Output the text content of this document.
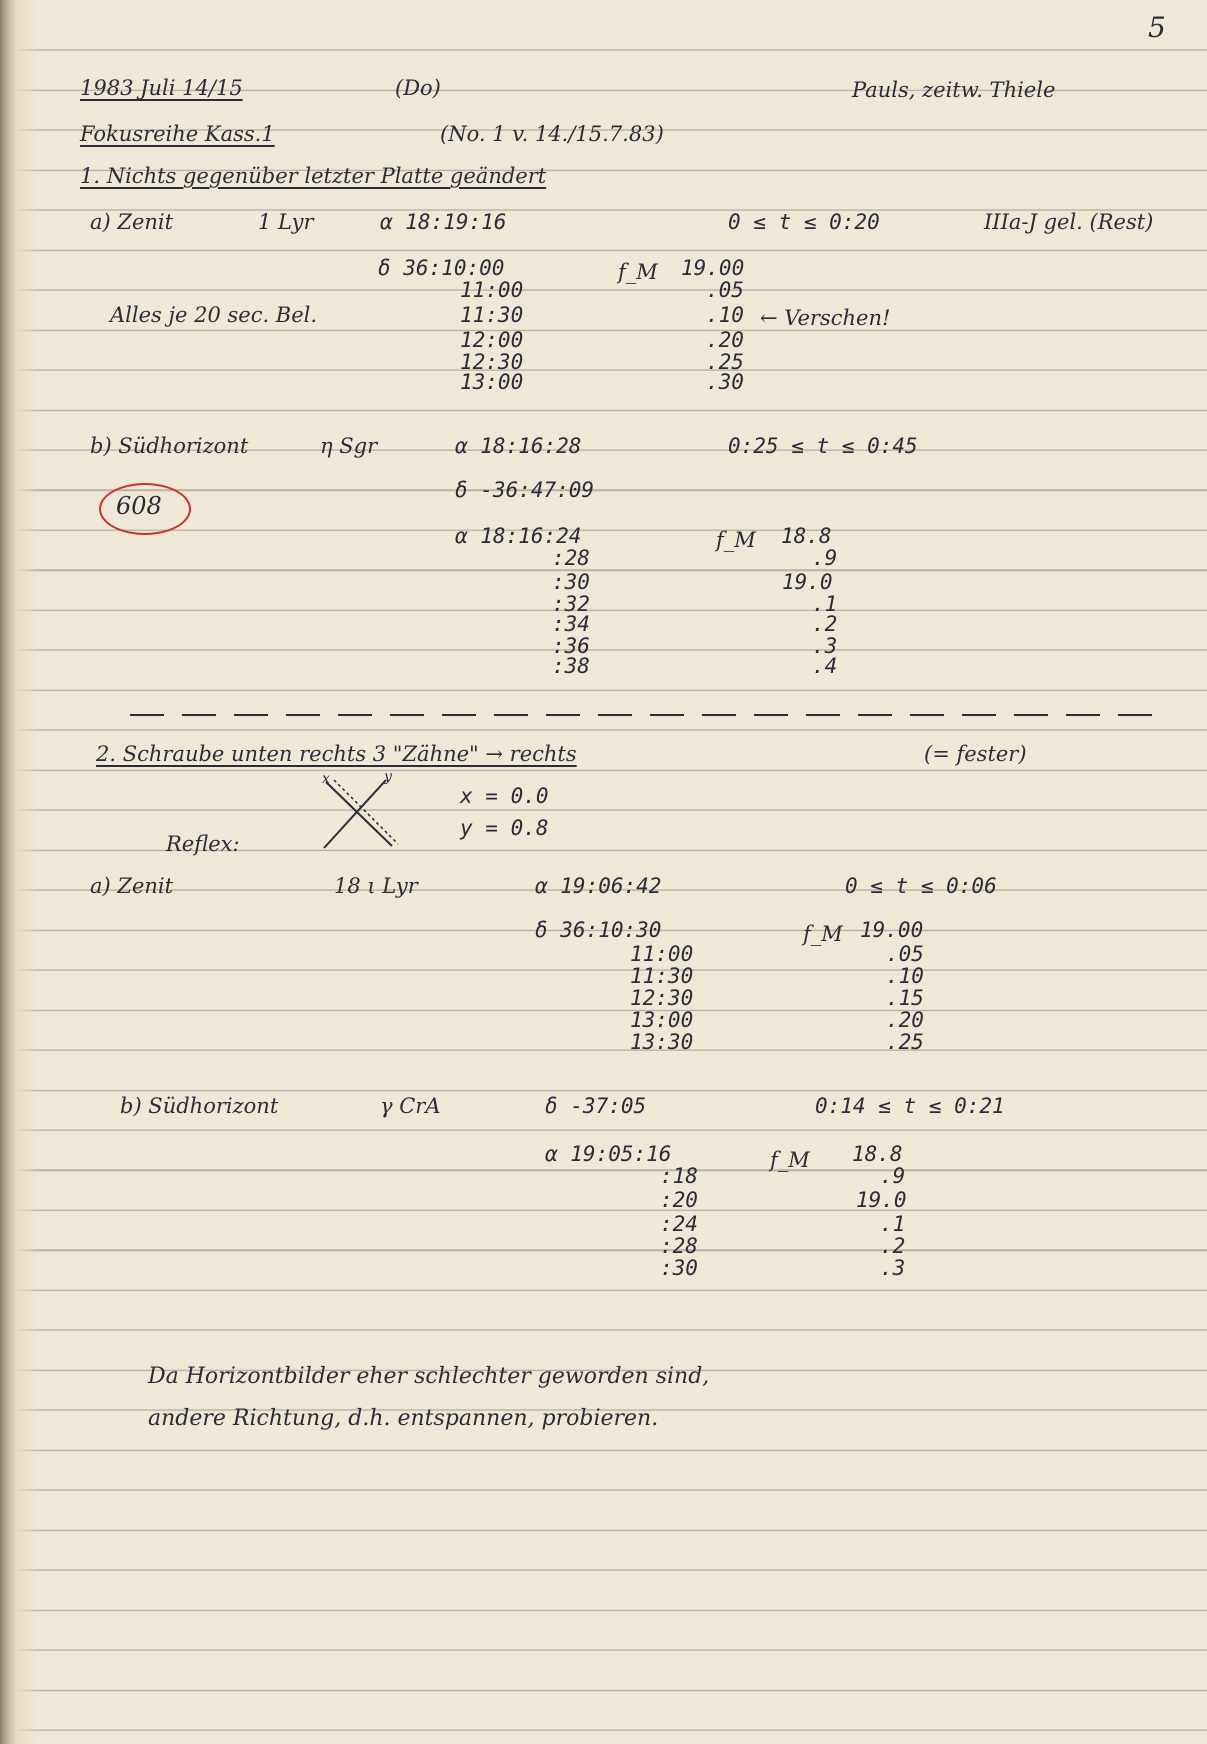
5
1983 Juli 14/15	(Do)	Pauls, zeitw. Thiele
Fokusreihe Kass.1	(No. 1 v. 14./15.7.83)
1. Nichts gegenüber letzter Platte geändert
a) Zenit	1 Lyr	α 18:19:16	0 ≤ t ≤ 0:20	IIIa-J gel. (Rest)
δ 36:10:00	f_M 19.00
11:00	.05
Alles je 20 sec. Bel.	11:30	.10 ← Verschen!
12:00	.20
12:30	.25
13:00	.30
b) Südhorizont	η Sgr	α 18:16:28	0:25 ≤ t ≤ 0:45
608
δ -36:47:09
α 18:16:24	f_M 18.8
:28	.9
:30	19.0
:32	.1
:34	.2
:36	.3
:38	.4
2. Schraube unten rechts 3 "Zähne" → rechts	(= fester)
x	y
x = 0.0
y = 0.8
Reflex:
a) Zenit	18 ι Lyr	α 19:06:42	0 ≤ t ≤ 0:06
δ 36:10:30	f_M 19.00
11:00	.05
11:30	.10
12:30	.15
13:00	.20
13:30	.25
b) Südhorizont	γ CrA	δ -37:05	0:14 ≤ t ≤ 0:21
α 19:05:16	f_M 18.8
:18	.9
:20	19.0
:24	.1
:28	.2
:30	.3
Da Horizontbilder eher schlechter geworden sind,
andere Richtung, d.h. entspannen, probieren.
